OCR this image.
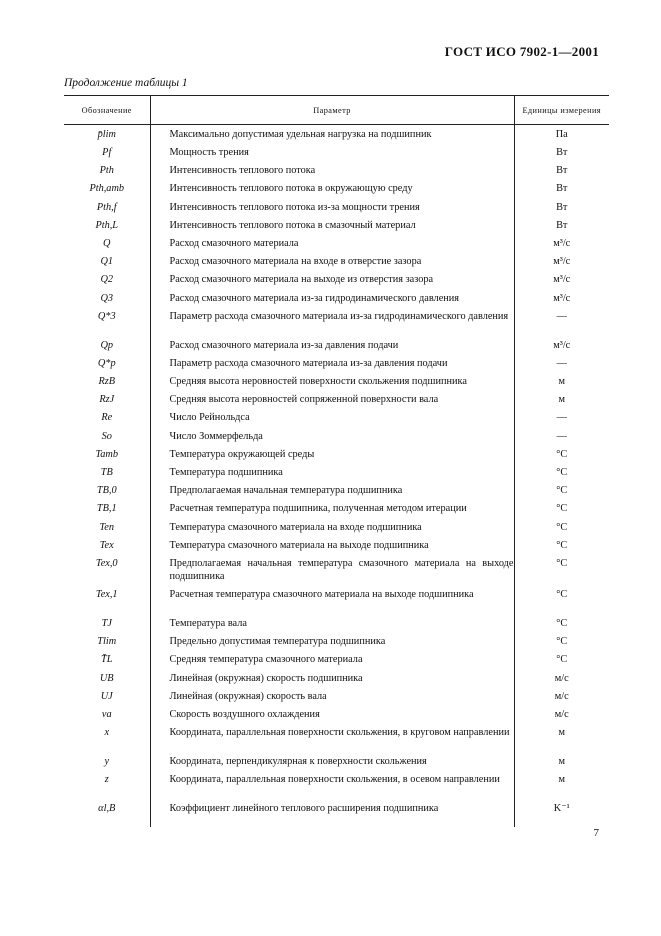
ГОСТ ИСО 7902-1—2001
Продолжение таблицы 1
Обозначение	Параметр	Единицы измерения
p̄lim	Максимально допустимая удельная нагрузка на подшипник	Па
Pf	Мощность трения	Вт
Pth	Интенсивность теплового потока	Вт
Pth,amb	Интенсивность теплового потока в окружающую среду	Вт
Pth,f	Интенсивность теплового потока из-за мощности трения	Вт
Pth,L	Интенсивность теплового потока в смазочный материал	Вт
Q	Расход смазочного материала	м³/с
Q1	Расход смазочного материала на входе в отверстие зазора	м³/с
Q2	Расход смазочного материала на выходе из отверстия зазора	м³/с
Q3	Расход смазочного материала из-за гидродинамического давления	м³/с
Q*3	Параметр расхода смазочного материала из-за гидродинамического давления	—
Qp	Расход смазочного материала из-за давления подачи	м³/с
Q*p	Параметр расхода смазочного материала из-за давления подачи	—
RzB	Средняя высота неровностей поверхности скольжения подшипника	м
RzJ	Средняя высота неровностей сопряженной поверхности вала	м
Re	Число Рейнольдса	—
So	Число Зоммерфельда	—
Tamb	Температура окружающей среды	°C
TB	Температура подшипника	°C
TB,0	Предполагаемая начальная температура подшипника	°C
TB,1	Расчетная температура подшипника, полученная методом итерации	°C
Ten	Температура смазочного материала на входе подшипника	°C
Tex	Температура смазочного материала на выходе подшипника	°C
Tex,0	Предполагаемая начальная температура смазочного материала на выходе подшипника	°C
Tex,1	Расчетная температура смазочного материала на выходе подшипника	°C
TJ	Температура вала	°C
Tlim	Предельно допустимая температура подшипника	°C
T̄L	Средняя температура смазочного материала	°C
UB	Линейная (окружная) скорость подшипника	м/с
UJ	Линейная (окружная) скорость вала	м/с
va	Скорость воздушного охлаждения	м/с
x	Координата, параллельная поверхности скольжения, в круговом направлении	м
y	Координата, перпендикулярная к поверхности скольжения	м
z	Координата, параллельная поверхности скольжения, в осевом направлении	м
αl,B	Коэффициент линейного теплового расширения подшипника	K⁻¹
7
